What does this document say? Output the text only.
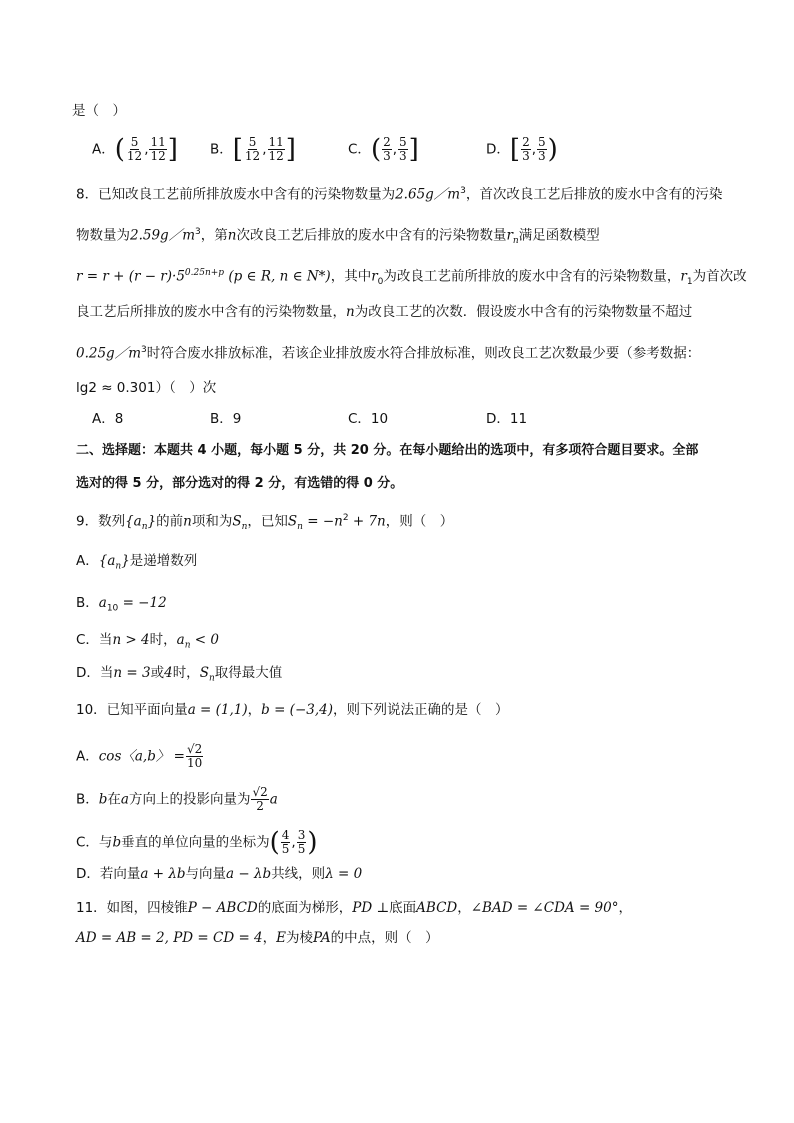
是（　）
A．( $\frac{5}{12}$ , $\frac{11}{12}$ ] B．[ $\frac{5}{12}$ , $\frac{11}{12}$ ]	C．( $\frac{2}{3}$ , $\frac{5}{3}$ ]	D．[ $\frac{2}{3}$ , $\frac{5}{3}$ )
8．已知改良工艺前所排放废水中含有的污染物数量为$2.65g/m^3$，首次改良工艺后排放的废水中含有的污染
物数量为$2.59g/m^3$，第n次改良工艺后排放的废水中含有的污染物数量$r_n$满足函数模型
$r = r + (r - r)\cdot 5^{0.25n+p}$ (p ∈ R, n ∈ N*)，其中$r_0$为改良工艺前所排放的废水中含有的污染物数量，$r_1$为首次改
良工艺后所排放的废水中含有的污染物数量，n为改良工艺的次数．假设废水中含有的污染物数量不超过
$0.25g/m^3$时符合废水排放标准，若该企业排放废水符合排放标准，则改良工艺次数最少要（参考数据：
lg2 ≈ 0.301）（　）次
A．8	B．9	C．10	D．11
二、选择题：本题共 4 小题，每小题 5 分，共 20 分。在每小题给出的选项中，有多项符合题目要求。全部
选对的得 5 分，部分选对的得 2 分，有选错的得 0 分。
9．数列$\{a_n\}$的前n项和为$S_n$，已知$S_n = -n^2 + 7n$，则（　）
A．$\{a_n\}$是递增数列
B．$a_{10} = -12$
C．当n > 4时，$a_n < 0$
D．当n = 3或4时，$S_n$取得最大值
10．已知平面向量a = (1,1)，b = (−3,4)，则下列说法正确的是（　）
A．cos〈a,b〉 = $\frac{√2}{10}$
B．b在a方向上的投影向量为 $\frac{√2}{2}$ a
C．与b垂直的单位向量的坐标为( $\frac{4}{5}$ , $\frac{3}{5}$ )
D．若向量a + λb与向量a − λb共线，则λ = 0
11．如图，四棱锥P − ABCD的底面为梯形，PD ⊥底面ABCD，∠BAD = ∠CDA = 90°，
AD = AB = 2, PD = CD = 4，E为棱PA的中点，则（　）
